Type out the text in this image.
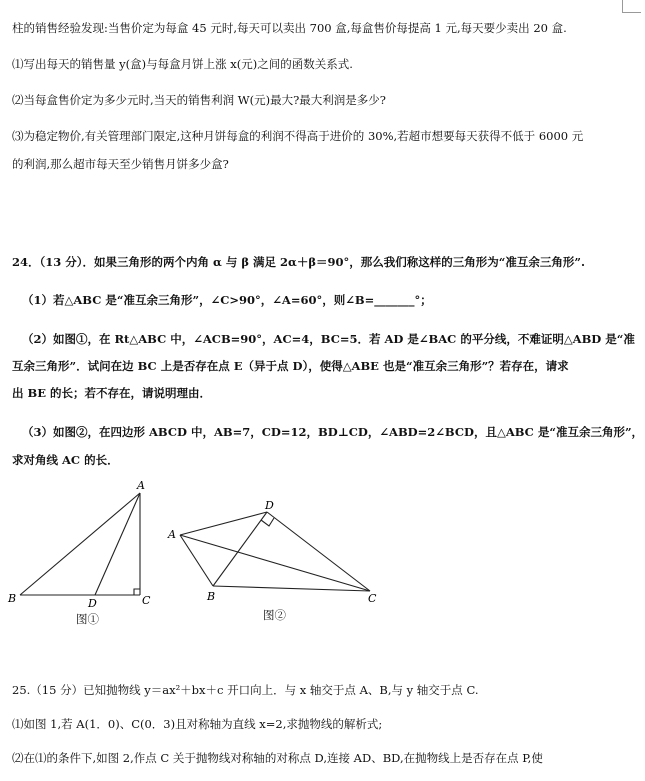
柱的销售经验发现:当售价定为每盒 45 元时,每天可以卖出 700 盒,每盒售价每提高 1 元,每天要少卖出 20 盒.
⑴写出每天的销售量 y(盒)与每盒月饼上涨 x(元)之间的函数关系式.
⑵当每盒售价定为多少元时,当天的销售利润 W(元)最大?最大利润是多少?
⑶为稳定物价,有关管理部门限定,这种月饼每盒的利润不得高于进价的 30%,若超市想要每天获得不低于 6000 元
的利润,那么超市每天至少销售月饼多少盒?
24．（13 分）．如果三角形的两个内角 α 与 β 满足 2α＋β＝90°，那么我们称这样的三角形为“准互余三角形”.
（1）若△ABC 是“准互余三角形”，∠C>90°，∠A=60°，则∠B=_______°；
（2）如图①，在 Rt△ABC 中，∠ACB=90°，AC=4，BC=5．若 AD 是∠BAC 的平分线，不难证明△ABD 是“准
互余三角形”．试问在边 BC 上是否存在点 E（异于点 D），使得△ABE 也是“准互余三角形”？若存在，请求
出 BE 的长；若不存在，请说明理由．
（3）如图②，在四边形 ABCD 中，AB=7，CD=12，BD⊥CD，∠ABD=2∠BCD，且△ABC 是“准互余三角形”，
求对角线 AC 的长．
A
B	C
D
图①
A
D
B	C
图②
25.（15 分）已知抛物线 y＝ax²＋bx＋c 开口向上．与 x 轴交于点 A、B,与 y 轴交于点 C.
⑴如图 1,若 A(1．0)、C(0．3)且对称轴为直线 x=2,求抛物线的解析式;
⑵在⑴的条件下,如图 2,作点 C 关于抛物线对称轴的对称点 D,连接 AD、BD,在抛物线上是否存在点 P,使
